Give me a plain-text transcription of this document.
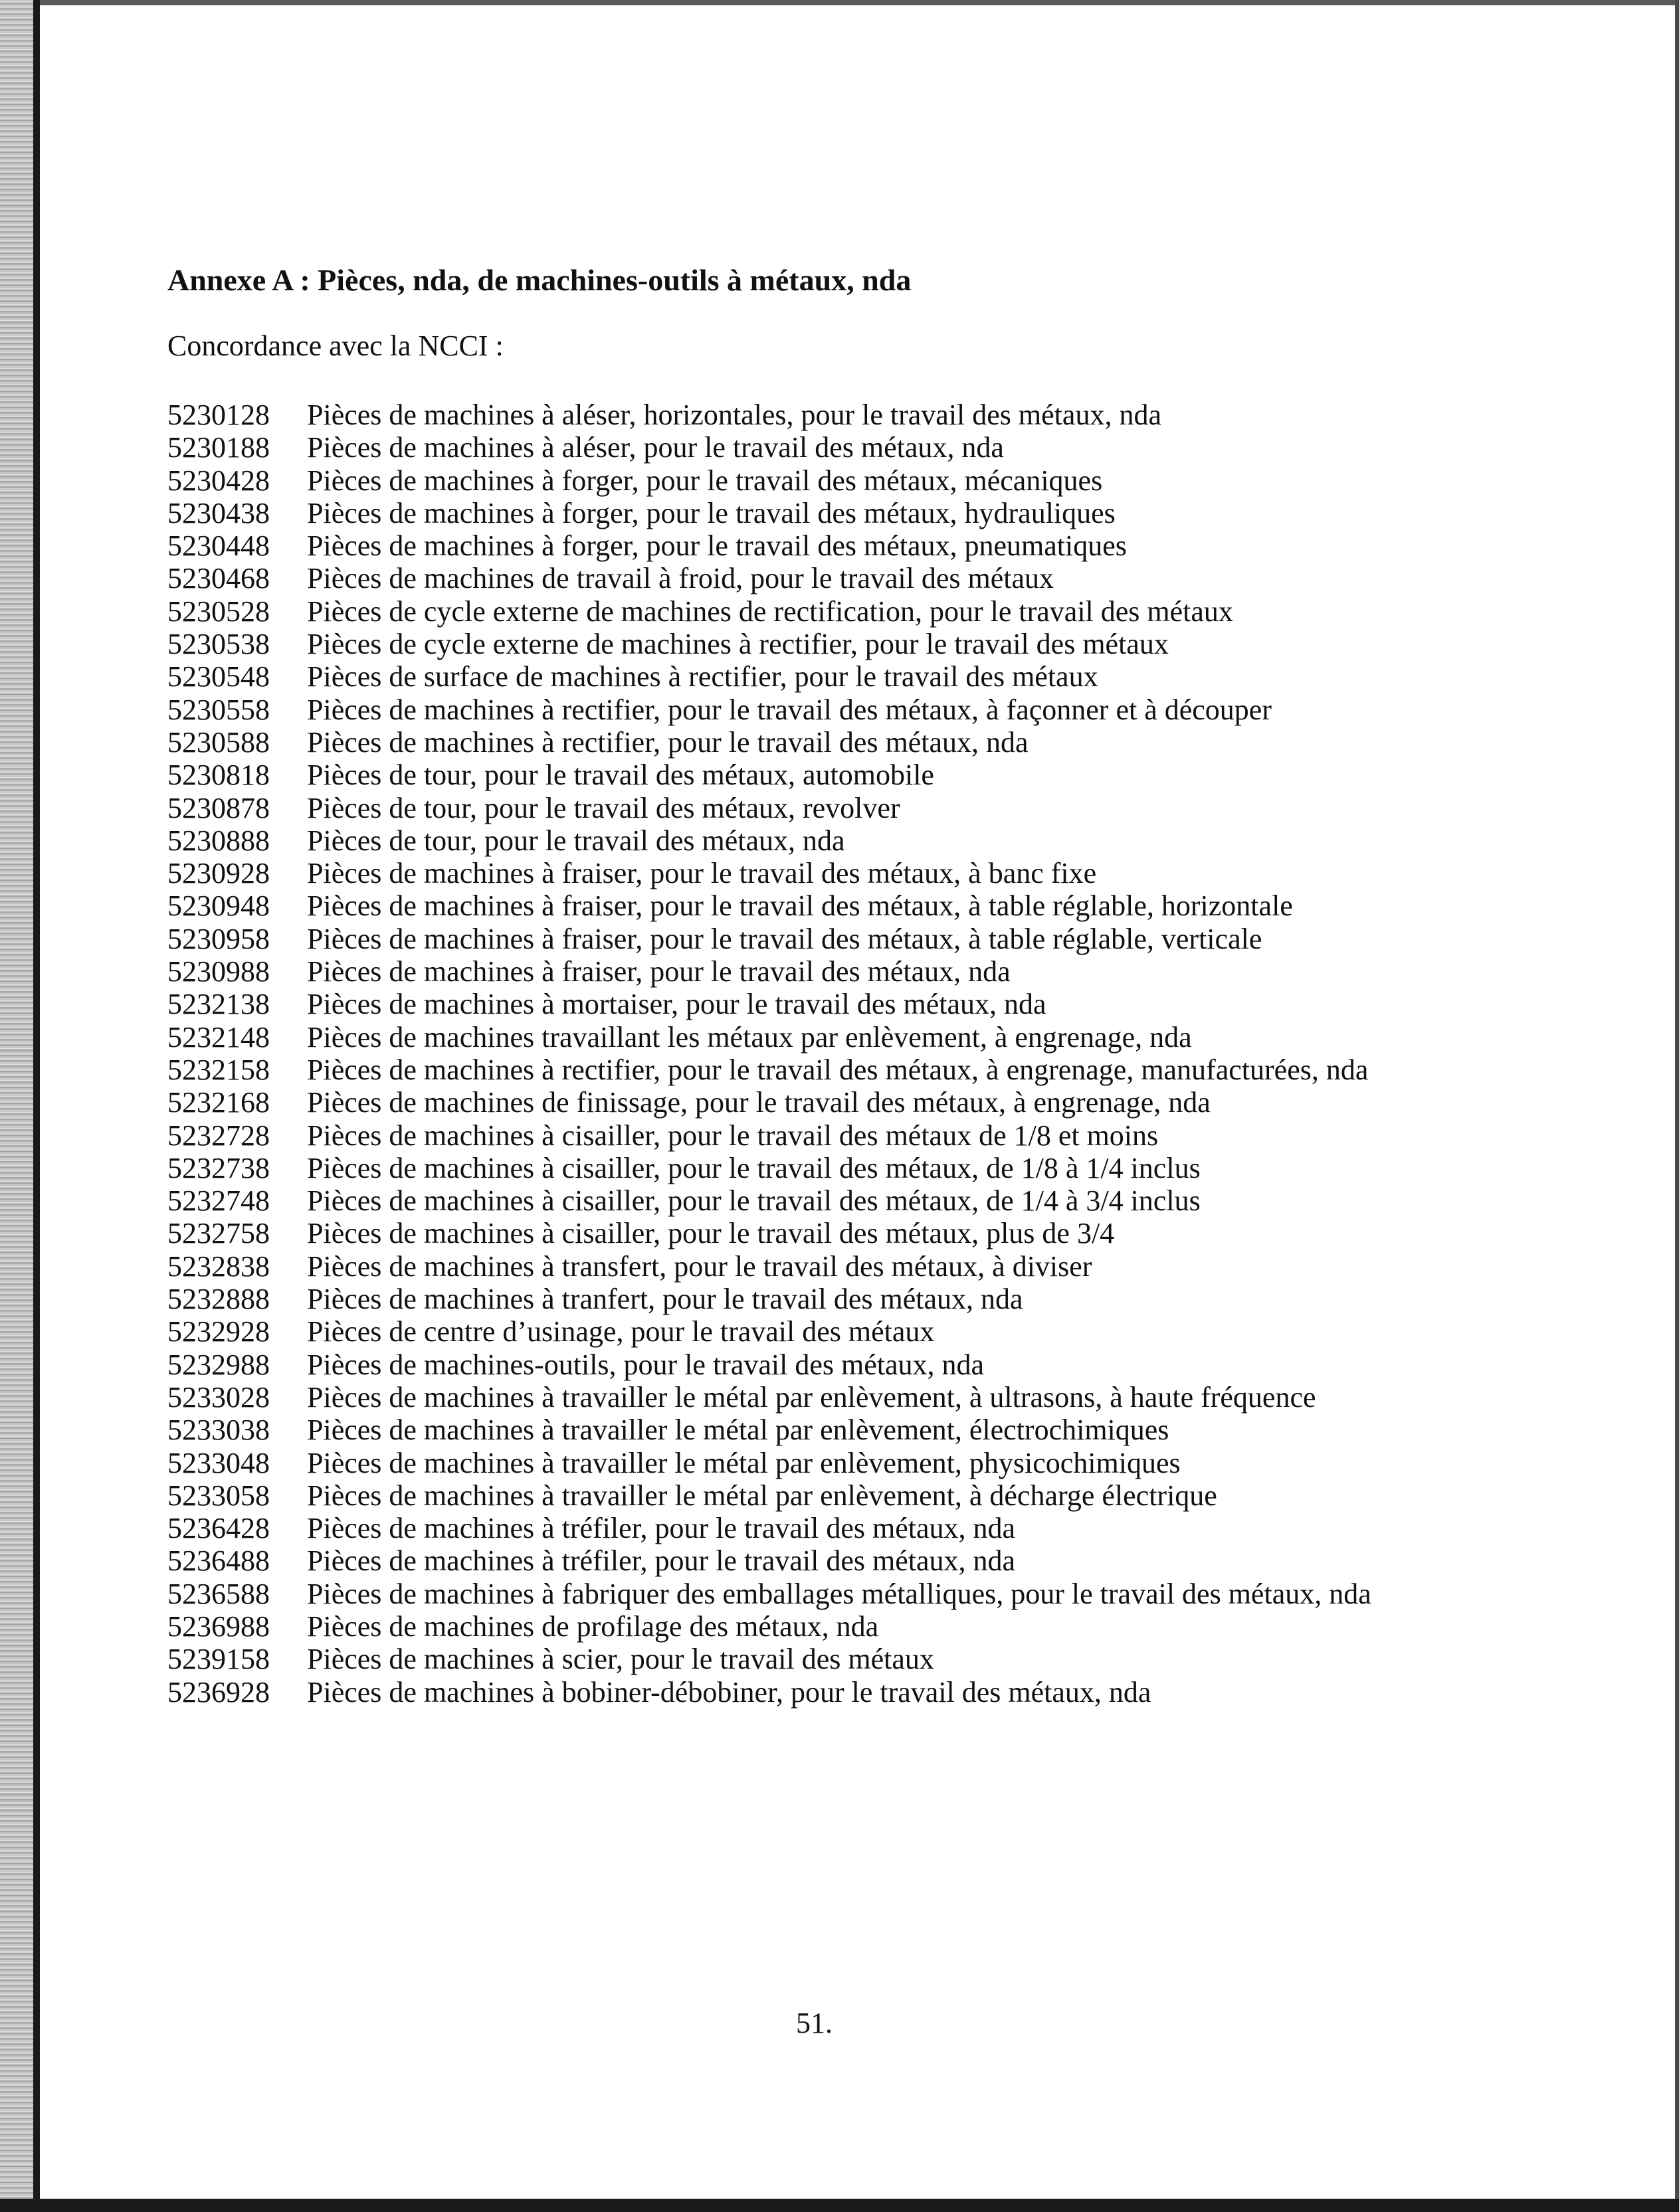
Annexe A : Pièces, nda, de machines-outils à métaux, nda
Concordance avec la NCCI :
5230128	Pièces de machines à aléser, horizontales, pour le travail des métaux, nda
5230188	Pièces de machines à aléser, pour le travail des métaux, nda
5230428	Pièces de machines à forger, pour le travail des métaux, mécaniques
5230438	Pièces de machines à forger, pour le travail des métaux, hydrauliques
5230448	Pièces de machines à forger, pour le travail des métaux, pneumatiques
5230468	Pièces de machines de travail à froid, pour le travail des métaux
5230528	Pièces de cycle externe de machines de rectification, pour le travail des métaux
5230538	Pièces de cycle externe de machines à rectifier, pour le travail des métaux
5230548	Pièces de surface de machines à rectifier, pour le travail des métaux
5230558	Pièces de machines à rectifier, pour le travail des métaux, à façonner et à découper
5230588	Pièces de machines à rectifier, pour le travail des métaux, nda
5230818	Pièces de tour, pour le travail des métaux, automobile
5230878	Pièces de tour, pour le travail des métaux, revolver
5230888	Pièces de tour, pour le travail des métaux, nda
5230928	Pièces de machines à fraiser, pour le travail des métaux, à banc fixe
5230948	Pièces de machines à fraiser, pour le travail des métaux, à table réglable, horizontale
5230958	Pièces de machines à fraiser, pour le travail des métaux, à table réglable, verticale
5230988	Pièces de machines à fraiser, pour le travail des métaux, nda
5232138	Pièces de machines à mortaiser, pour le travail des métaux, nda
5232148	Pièces de machines travaillant les métaux par enlèvement, à engrenage, nda
5232158	Pièces de machines à rectifier, pour le travail des métaux, à engrenage, manufacturées, nda
5232168	Pièces de machines de finissage, pour le travail des métaux, à engrenage, nda
5232728	Pièces de machines à cisailler, pour le travail des métaux de 1/8 et moins
5232738	Pièces de machines à cisailler, pour le travail des métaux, de 1/8 à 1/4 inclus
5232748	Pièces de machines à cisailler, pour le travail des métaux, de 1/4 à 3/4 inclus
5232758	Pièces de machines à cisailler, pour le travail des métaux, plus de 3/4
5232838	Pièces de machines à transfert, pour le travail des métaux, à diviser
5232888	Pièces de machines à tranfert, pour le travail des métaux, nda
5232928	Pièces de centre d’usinage, pour le travail des métaux
5232988	Pièces de machines-outils, pour le travail des métaux, nda
5233028	Pièces de machines à travailler le métal par enlèvement, à ultrasons, à haute fréquence
5233038	Pièces de machines à travailler le métal par enlèvement, électrochimiques
5233048	Pièces de machines à travailler le métal par enlèvement, physicochimiques
5233058	Pièces de machines à travailler le métal par enlèvement, à décharge électrique
5236428	Pièces de machines à tréfiler, pour le travail des métaux, nda
5236488	Pièces de machines à tréfiler, pour le travail des métaux, nda
5236588	Pièces de machines à fabriquer des emballages métalliques, pour le travail des métaux, nda
5236988	Pièces de machines de profilage des métaux, nda
5239158	Pièces de machines à scier, pour le travail des métaux
5236928	Pièces de machines à bobiner-débobiner, pour le travail des métaux, nda
51.
